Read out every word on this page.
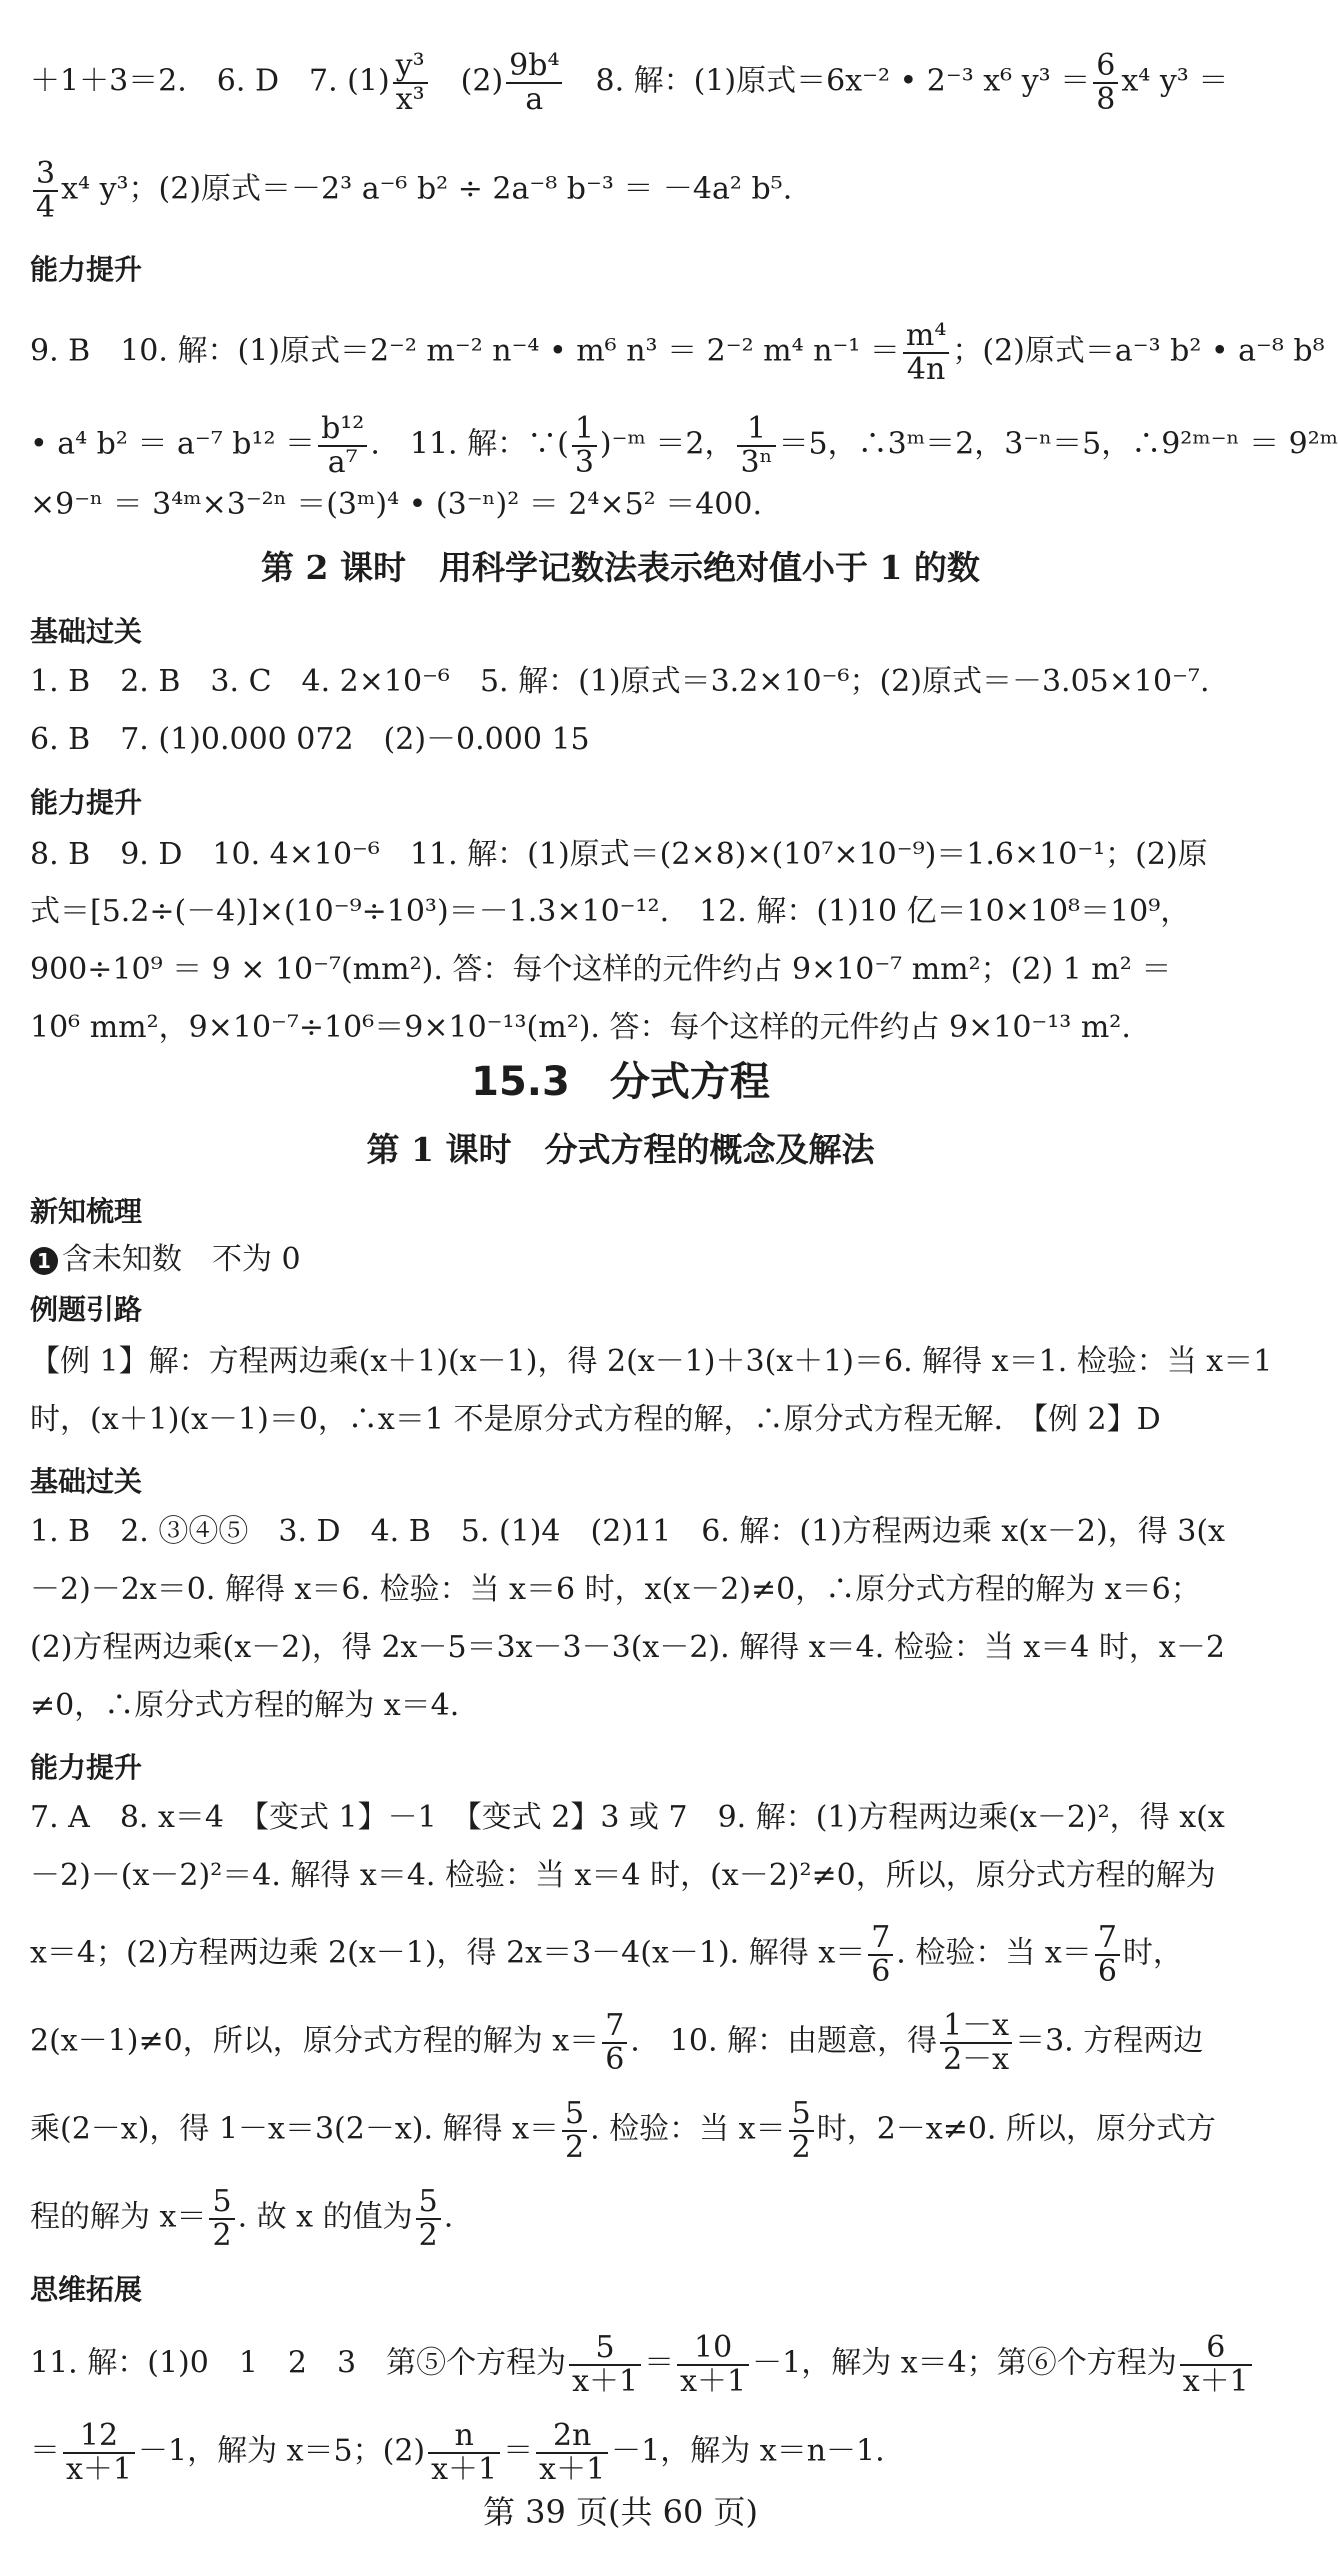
＋1＋3＝2.　6. D　7. $(1) \frac{\text{y³}}{\text{x³}}$ 　$(2) \frac{\text{9b⁴}}{a}$ 　8. 解：(1)原式＝6x⁻² • 2⁻³ x⁶ $y^3 = \frac{6}{8} x^4$ y³ ＝
$\frac{3}{4} x^4$ y³；(2)原式＝－2³ a⁻⁶ b² ÷ 2a⁻⁸ b⁻³ ＝ －4a² b⁵.
能力提升
9. B　10. 解：(1)原式＝2⁻² m⁻² n⁻⁴ • m⁶ n³ ＝ 2⁻² m⁴ $n^{-1} = \frac{\text{m⁴}}{4n}$ ；(2)原式＝a⁻³ b² • a⁻⁸ b⁸
• a⁴ b² ＝ a⁻⁷ $b^{12} = \frac{\text{b¹²}}{\text{a⁷}}$ .　11. 解：∵( $\frac{1}{3}$ )⁻ᵐ ＝2， $\frac{1}{\text{3ⁿ}} =5$，∴3ᵐ＝2，3⁻ⁿ＝5，∴9²ᵐ⁻ⁿ ＝ 9²ᵐ
×9⁻ⁿ ＝ 3⁴ᵐ×3⁻²ⁿ ＝(3ᵐ)⁴ • (3⁻ⁿ)² ＝ 2⁴×5² ＝400.
第 2 课时　用科学记数法表示绝对值小于 1 的数
基础过关
1. B　2. B　3. C　4. 2×10⁻⁶　5. 解：(1)原式＝3.2×10⁻⁶；(2)原式＝－3.05×10⁻⁷.
6. B　7. (1)0.000 072　(2)－0.000 15
能力提升
8. B　9. D　10. 4×10⁻⁶　11. 解：(1)原式＝(2×8)×(10⁷×10⁻⁹)＝1.6×10⁻¹；(2)原
式＝[5.2÷(－4)]×(10⁻⁹÷10³)＝－1.3×10⁻¹².　12. 解：(1)10 亿＝10×10⁸＝10⁹，
900÷10⁹ ＝ 9 × 10⁻⁷(mm²). 答：每个这样的元件约占 9×10⁻⁷ mm²；(2) 1 m² ＝
10⁶ mm²，9×10⁻⁷÷10⁶＝9×10⁻¹³(m²). 答：每个这样的元件约占 9×10⁻¹³ m².
15.3　分式方程
第 1 课时　分式方程的概念及解法
新知梳理
1 含未知数　不为 0
例题引路
【例 1】解：方程两边乘(x＋1)(x－1)，得 2(x－1)＋3(x＋1)＝6. 解得 x＝1. 检验：当 x＝1
时，(x＋1)(x－1)＝0，∴x＝1 不是原分式方程的解，∴原分式方程无解.　【例 2】D
基础过关
1. B　2. ③④⑤　3. D　4. B　5. (1)4　(2)11　6. 解：(1)方程两边乘 x(x－2)，得 3(x
－2)－2x＝0. 解得 x＝6. 检验：当 x＝6 时，x(x－2)≠0，∴原分式方程的解为 x＝6；
(2)方程两边乘(x－2)，得 2x－5＝3x－3－3(x－2). 解得 x＝4. 检验：当 x＝4 时，x－2
≠0，∴原分式方程的解为 x＝4.
能力提升
7. A　8. x＝4　【变式 1】－1　【变式 2】3 或 7　9. 解：(1)方程两边乘(x－2)²，得 x(x
－2)－(x－2)²＝4. 解得 x＝4. 检验：当 x＝4 时，(x－2)²≠0，所以，原分式方程的解为
x＝4；(2)方程两边乘 2(x－1)，得 2x＝3－4(x－1). 解得 $x= \frac{7}{6}$ . 检验：当 $x= \frac{7}{6}$ 时，
2(x－1)≠0，所以，原分式方程的解为 $x= \frac{7}{6}$ .　10. 解：由题意，得 $\frac{1-x}{2-x} =3$. 方程两边
乘(2－x)，得 1－x＝3(2－x). 解得 $x= \frac{5}{2}$ . 检验：当 $x= \frac{5}{2}$ 时，2－x≠0. 所以，原分式方
程的解为 $x= \frac{5}{2}$ . 故 x 的值为 $\frac{5}{2}$ .
思维拓展
11. 解：(1)0　1　2　3　第⑤个方程为 $\frac{5}{x+1} = \frac{10}{x+1} -1$，解为 x＝4；第⑥个方程为 $\frac{6}{x+1}$
＝ $\frac{12}{x+1} -1$，解为 x＝5；$(2) \frac{n}{x+1} = \frac{2n}{x+1} -1$，解为 x＝n－1.
第 39 页(共 60 页)
